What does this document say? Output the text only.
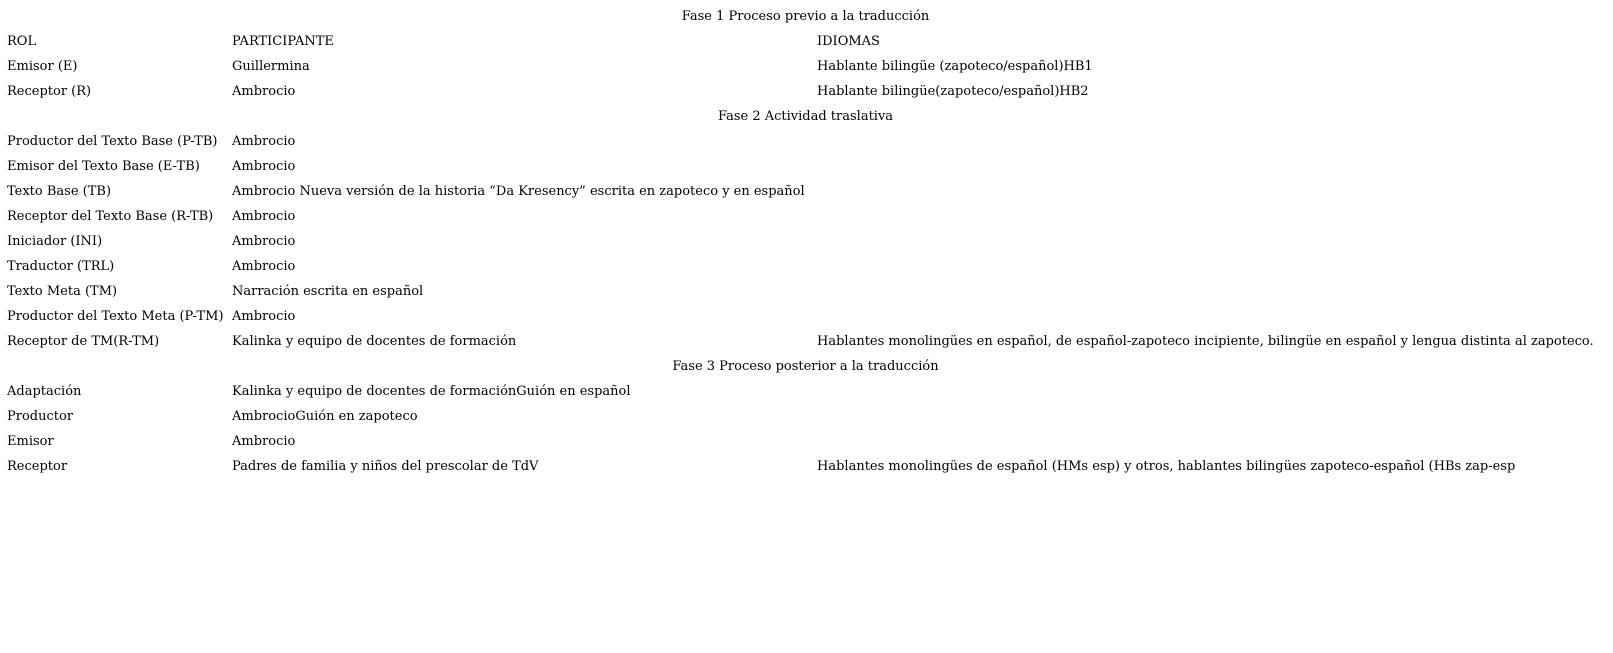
Fase 1 Proceso previo a la traducción		
ROL	PARTICIPANTE	IDIOMAS
Emisor (E)	Guillermina	Hablante bilingüe (zapoteco/español)HB1
Receptor (R)	Ambrocio	Hablante bilingüe(zapoteco/español)HB2
Fase 2 Actividad traslativa		
Productor del Texto Base (P-TB)	Ambrocio	
Emisor del Texto Base (E-TB)	Ambrocio	
Texto Base (TB)	Ambrocio Nueva versión de la historia “Da Kresency” escrita en zapoteco y en español	
Receptor del Texto Base (R-TB)	Ambrocio	
Iniciador (INI)	Ambrocio	
Traductor (TRL)	Ambrocio	
Texto Meta (TM)	Narración escrita en español	
Productor del Texto Meta (P-TM)	Ambrocio	
Receptor de TM(R-TM)	Kalinka y equipo de docentes de formación	Hablantes monolingües en español, de español-zapoteco incipiente, bilingüe en español y lengua distinta al zapoteco.
Fase 3 Proceso posterior a la traducción		
Adaptación	Kalinka y equipo de docentes de formaciónGuión en español	
Productor	AmbrocioGuión en zapoteco	
Emisor	Ambrocio	
Receptor	Padres de familia y niños del prescolar de TdV	Hablantes monolingües de español (HMs esp) y otros, hablantes bilingües zapoteco-español (HBs zap-esp
